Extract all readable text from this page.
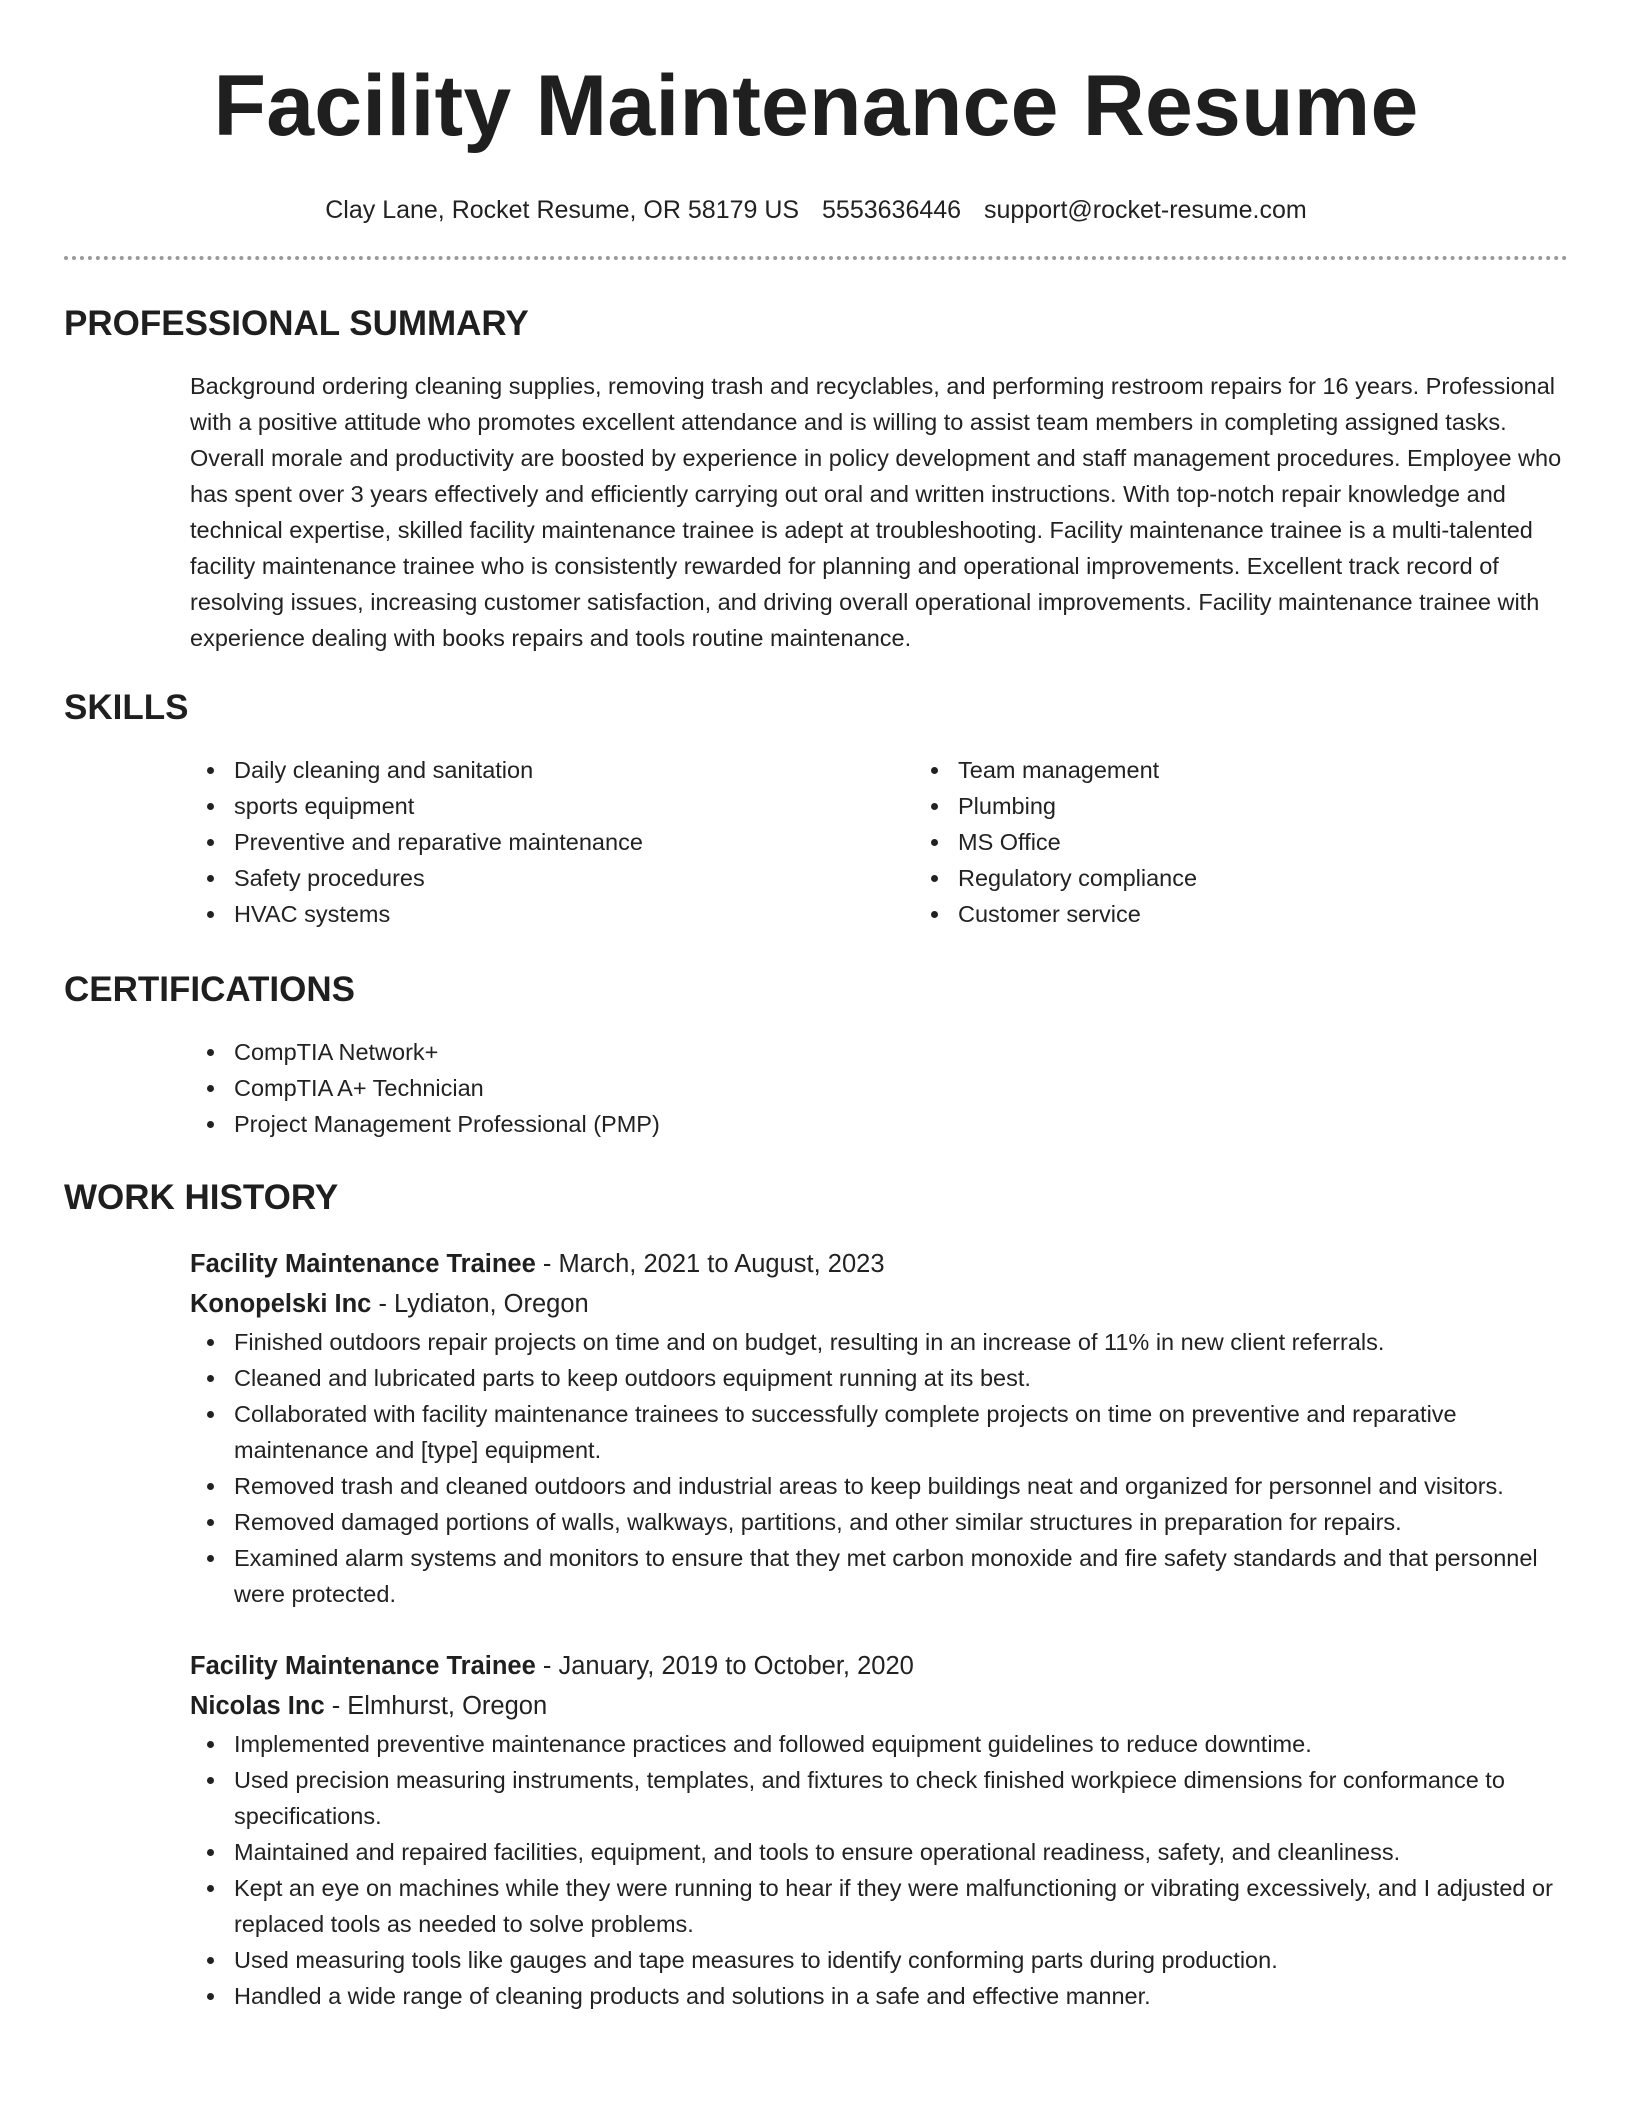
Facility Maintenance Resume
Clay Lane, Rocket Resume, OR 58179 US 5553636446 support@rocket-resume.com
PROFESSIONAL SUMMARY

Background ordering cleaning supplies, removing trash and recyclables, and performing restroom repairs for 16 years. Professional with a positive attitude who promotes excellent attendance and is willing to assist team members in completing assigned tasks. Overall morale and productivity are boosted by experience in policy development and staff management procedures. Employee who has spent over 3 years effectively and efficiently carrying out oral and written instructions. With top-notch repair knowledge and technical expertise, skilled facility maintenance trainee is adept at troubleshooting. Facility maintenance trainee is a multi-talented facility maintenance trainee who is consistently rewarded for planning and operational improvements. Excellent track record of resolving issues, increasing customer satisfaction, and driving overall operational improvements. Facility maintenance trainee with experience dealing with books repairs and tools routine maintenance.

SKILLS
Daily cleaning and sanitation
sports equipment
Preventive and reparative maintenance
Safety procedures
HVAC systems
Team management
Plumbing
MS Office
Regulatory compliance
Customer service
CERTIFICATIONS
CompTIA Network+
CompTIA A+ Technician
Project Management Professional (PMP)
WORK HISTORY
Facility Maintenance Trainee - March, 2021 to August, 2023
Konopelski Inc - Lydiaton, Oregon
Finished outdoors repair projects on time and on budget, resulting in an increase of 11% in new client referrals.
Cleaned and lubricated parts to keep outdoors equipment running at its best.
Collaborated with facility maintenance trainees to successfully complete projects on time on preventive and reparative maintenance and [type] equipment.
Removed trash and cleaned outdoors and industrial areas to keep buildings neat and organized for personnel and visitors.
Removed damaged portions of walls, walkways, partitions, and other similar structures in preparation for repairs.
Examined alarm systems and monitors to ensure that they met carbon monoxide and fire safety standards and that personnel were protected.
Facility Maintenance Trainee - January, 2019 to October, 2020
Nicolas Inc - Elmhurst, Oregon
Implemented preventive maintenance practices and followed equipment guidelines to reduce downtime.
Used precision measuring instruments, templates, and fixtures to check finished workpiece dimensions for conformance to specifications.
Maintained and repaired facilities, equipment, and tools to ensure operational readiness, safety, and cleanliness.
Kept an eye on machines while they were running to hear if they were malfunctioning or vibrating excessively, and I adjusted or replaced tools as needed to solve problems.
Used measuring tools like gauges and tape measures to identify conforming parts during production.
Handled a wide range of cleaning products and solutions in a safe and effective manner.
